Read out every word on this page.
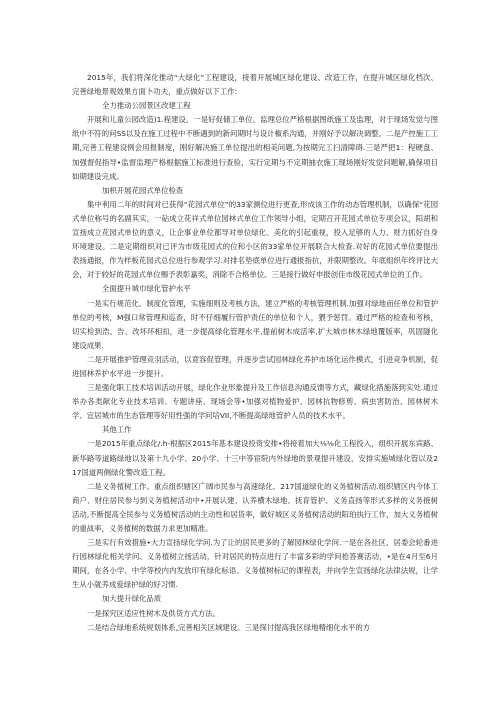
2015年，我们将深化推动“大绿化”工程建设，接着开展城区绿化建设、改造工作，在提升城区绿化档次、完善绿地景观效果方面卜功夫，重点做好以下工作:

全力推动公园景区改建工程

开展和儿童公园改造)1.程建设，一是好促储工单位、监理总位严格根据图纸施工及监理，对于现场发觉与图纸中不符的问SS以及在施工过程中不断遇到的新问期时与设计椒系沟通，并刚好予以解决调整。二是产控施工工期,完善工程建设例会用报制度，刚好解决施工单位提出的相美问题,为按期完工扫清障碍.三是严把1：程硬盘、加强督促指导•监督监理产格根据施工标准进行查验，实行定期与不定期抽衣施工现场刚好发觉问题解,确保项目如期建设完成。

加枳开展花园式单位检查

集中利用二年的时间对已获得“花园式单位”的33家测位进行更查,形成该工作的动态管理机制，以确保“花园式单位称号的名副其实，一砧成立花祥式单位园林式单位工作领导小组，定期召开花园式单位专项会议，阳胡和宣扬成立花园式单位的意义，让企事业单位都导对单位绿化、美化的引起重视，投入足够的人力、财力抓好自身环境建设。二是定期组织对已评为市级花园式的位和小区的33家单位开展联合大检查.对好的花园式单位要提出表扬通报，作为样板花园式总位进行参观学习.对排名垫底单位进行通报指抗，并限期整改。年底组织年终评比大会，对于较好的花园式单位赐予表彰嘉奖，消除不合格单位。三是接行做好申报创佳市级花园式单位的工作。

全面提升城巾绿化管护水平

一是实行规范化、制度化管理，实施细则及考核方法，建立严格的考核管理机制.加强对绿地而任单位和管护单位的考核，M强口常管理和巡查，时不仔细履行管护责任的单位和个人，猥予惩罚。通过严格的检查和考核，切实检到浩、告、改坏环相扣，进一步提高绿化管理水平,提前树木成活率,扩大城市林木绿地覆版率，巩固隧化建设成果.

二是开展推护管理竞羽活动，以竟容促管理，并逐步尝试园林绿化养护市场化运作模式，引进竞争机制，促进园林养护水平进一步提升。

三是强化职工技术培训活动开展，绿化作业形象提升及工作信息沟通反馈等方式，藏绿化措施落到实处.通过举办各类献化专业技术培训、专题讲座、现场会等•加强对植物爱护、园林抗物修剪、病虫害防治、园林树木学、宜居城市的生态管理等好用性强的学问培VII,不断提高绿地管护人员的技术水平。

其他工作

一是2015年重点绿化/.h-根据区2015年基本建设投资安排•将接着加大⅛⅛化工程投入，组织开展东宾路、新华路等道路绿地以及第十九小学、20小学、十三中等宦院内外绿地的景观提升建设，安排实施城绿化管以及217国道两侧绿化警改造工程。

二是义务植树工作。重点组织辖区广阔市民参与高速绿化、217国道绿化的义务植树活动.组织辖区内今体工商户、财住居民参与到义务植树活动中•开展认建、认养横木绿地、抚育管护、义务直扬等形式多样的义务掖树活动,不断提高全民参与义务植树活动的主动性和居货率，做好城区义务植树活动的阳珀执行工作，加大义务植树的重战率，义务植树的数据力求更加精准。

三是实行有效措施•大力宣扬绿化学问.为了让的居民更多的了解园林绿化学问.一是在各社区、居委会轮番进行园林绿化相关学问、义务植树立扬活动，针对居民的特点进行了丰富多彩的学问抢答赛活动，•是在4月至6月期间，在各小学、中学等校内内发放印有绿化标语、义务植树标记的课程表，并向学生宣扬绿化法律法规，让学生从小就养成爱绿护绿的好习惯.

加大提升绿化品质

一是探究区适应性树木及供货方式方法。

二是结合绿地系统规划体系,完善相关区域建设。三是探讨提高我区绿地精细化水平的方
